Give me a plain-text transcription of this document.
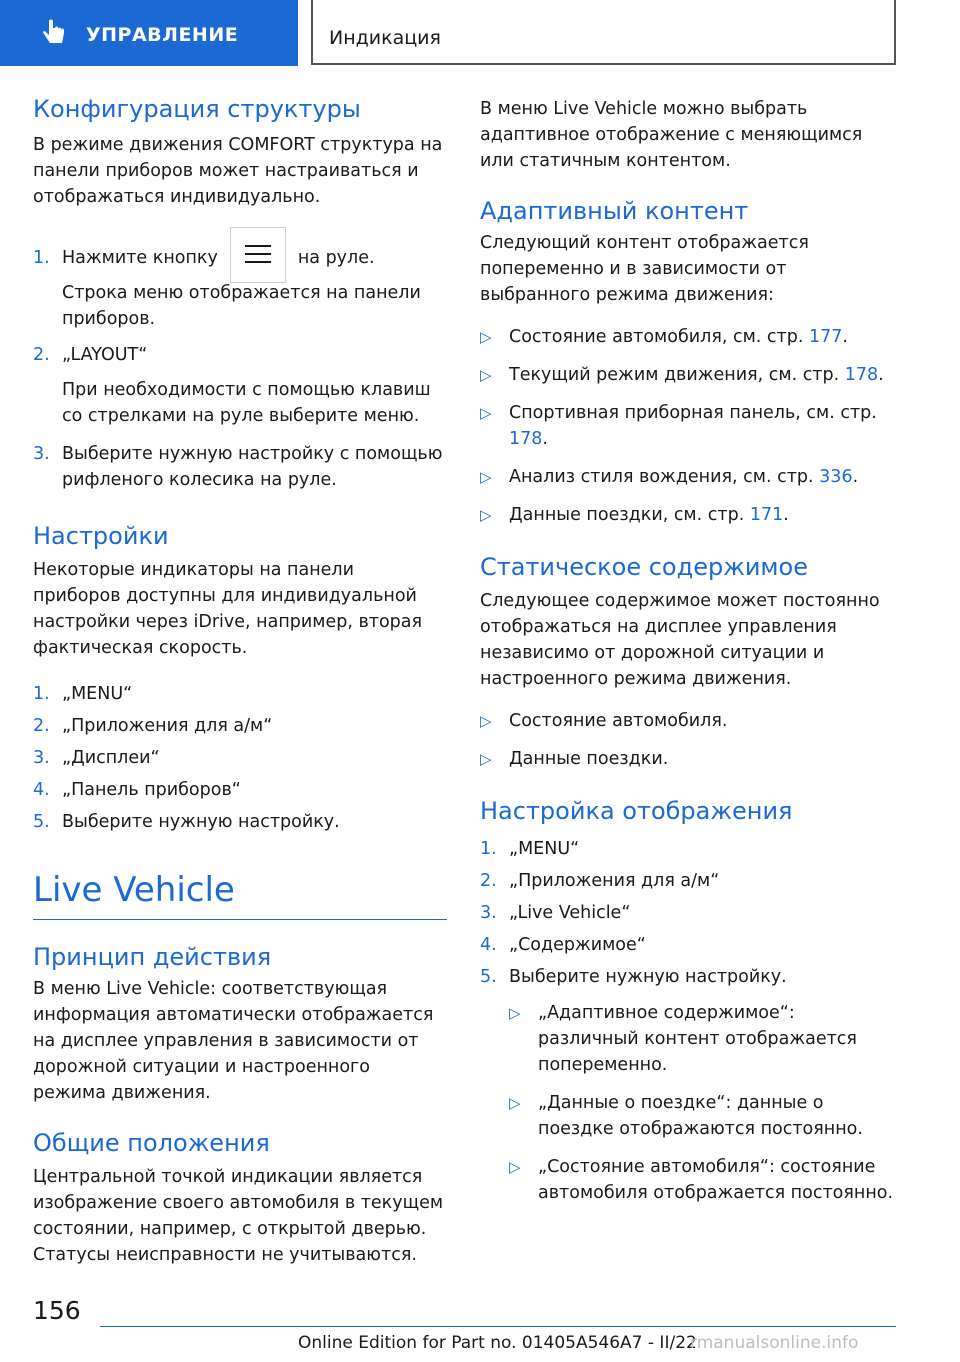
УПРАВЛЕНИЕ	Индикация
Конфигурация структуры

В режиме движения COMFORT структура на панели приборов может настраиваться и отображаться индивидуально.

1. Нажмите кнопку	на руле.
Строка меню отображается на панели приборов.
2. „LAYOUT“
При необходимости с помощью клавиш со стрелками на руле выберите меню.
3. Выберите нужную настройку с помощью рифленого колесика на руле.
Настройки

Некоторые индикаторы на панели приборов доступны для индивидуальной настройки через iDrive, например, вторая фактическая скорость.

1. „MENU“
2. „Приложения для а/м“
3. „Дисплеи“
4. „Панель приборов“
5. Выберите нужную настройку.
Live Vehicle
Принцип действия

В меню Live Vehicle: соответствующая информация автоматически отображается на дисплее управления в зависимости от дорожной ситуации и настроенного режима движения.

Общие положения

Центральной точкой индикации является изображение своего автомобиля в текущем состоянии, например, с открытой дверью. Статусы неисправности не учитываются.

В меню Live Vehicle можно выбрать адаптивное отображение с меняющимся или статичным контентом.

Адаптивный контент

Следующий контент отображается попеременно и в зависимости от выбранного режима движения:

▷ Состояние автомобиля, см. стр. 177.
▷ Текущий режим движения, см. стр. 178.
▷ Спортивная приборная панель, см. стр. 178.
▷ Анализ стиля вождения, см. стр. 336.
▷ Данные поездки, см. стр. 171.
Статическое содержимое

Следующее содержимое может постоянно отображаться на дисплее управления независимо от дорожной ситуации и настроенного режима движения.

▷ Состояние автомобиля.
▷ Данные поездки.
Настройка отображения
1. „MENU“
2. „Приложения для а/м“
3. „Live Vehicle“
4. „Содержимое“
5. Выберите нужную настройку.
▷ „Адаптивное содержимое“: различный контент отображается попеременно.
▷ „Данные о поездке“: данные о поездке отображаются постоянно.
▷ „Состояние автомобиля“: состояние автомобиля отображается постоянно.
156
Online Edition for Part no. 01405A546A7 - II/22
rmanualsonline.info
